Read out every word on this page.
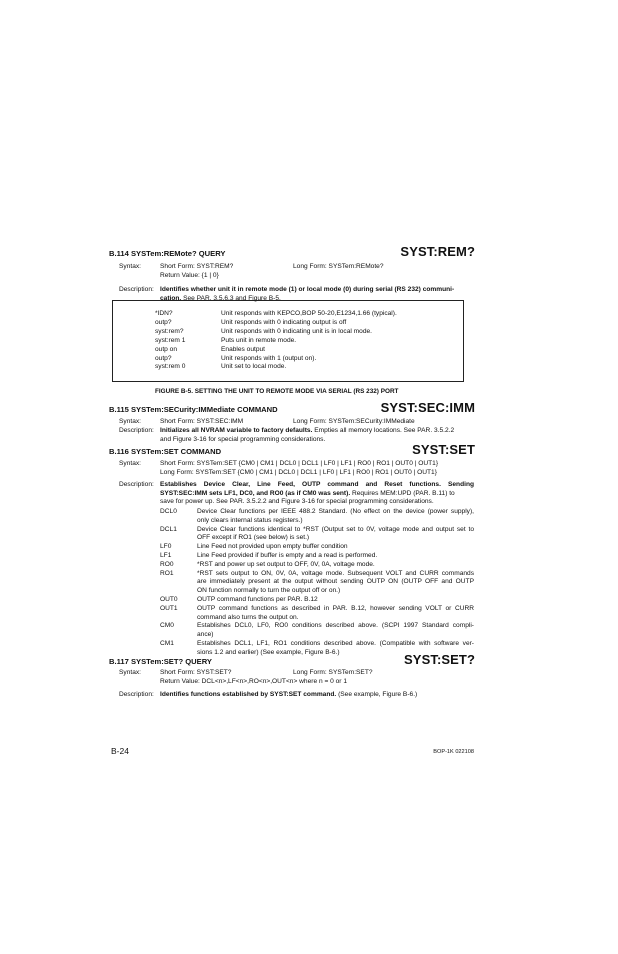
B.114 SYSTem:REMote? QUERY	SYST:REM?
Syntax:	Short Form: SYST:REM?	Long Form: SYSTem:REMote?
Return Value: {1 | 0}
Description: Identifies whether unit it in remote mode (1) or local mode (0) during serial (RS 232) communi-
cation. See PAR. 3.5.6.3 and Figure B-5.
*IDN?	Unit responds with KEPCO,BOP 50-20,E1234,1.66 (typical).
outp?	Unit responds with 0 indicating output is off
syst:rem?	Unit responds with 0 indicating unit is in local mode.
syst:rem 1	Puts unit in remote mode.
outp on	Enables output
outp?	Unit responds with 1 (output on).
syst:rem 0	Unit set to local mode.
FIGURE B-5. SETTING THE UNIT TO REMOTE MODE VIA SERIAL (RS 232) PORT
B.115 SYSTem:SECurity:IMMediate COMMAND	SYST:SEC:IMM
Syntax:	Short Form: SYST:SEC:IMM	Long Form: SYSTem:SECurity:IMMediate
Description: Initializes all NVRAM variable to factory defaults. Empties all memory locations. See PAR. 3.5.2.2
and Figure 3-16 for special programming considerations.
B.116 SYSTem:SET COMMAND	SYST:SET
Syntax:	Short Form: SYSTem:SET {CM0 | CM1 | DCL0 | DCL1 | LF0 | LF1 | RO0 | RO1 | OUT0 | OUT1}
Long Form: SYSTem:SET {CM0 | CM1 | DCL0 | DCL1 | LF0 | LF1 | RO0 | RO1 | OUT0 | OUT1}
Description: Establishes Device Clear, Line Feed, OUTP command and Reset functions. Sending
SYST:SEC:IMM sets LF1, DC0, and RO0 (as if CM0 was sent). Requires MEM:UPD (PAR. B.11) to
save for power up. See PAR. 3.5.2.2 and Figure 3-16 for special programming considerations.
DCL0	Device Clear functions per IEEE 488.2 Standard. (No effect on the device (power supply),
only clears internal status registers.)
DCL1	Device Clear functions identical to *RST (Output set to 0V, voltage mode and output set to
OFF except if RO1 (see below) is set.)
LF0	Line Feed not provided upon empty buffer condition
LF1	Line Feed provided if buffer is empty and a read is performed.
RO0	*RST and power up set output to OFF, 0V, 0A, voltage mode.
RO1	*RST sets output to ON, 0V, 0A, voltage mode. Subsequent VOLT and CURR commands
are immediately present at the output without sending OUTP ON (OUTP OFF and OUTP
ON function normally to turn the output off or on.)
OUT0	OUTP command functions per PAR. B.12
OUT1	OUTP command functions as described in PAR. B.12, however sending VOLT or CURR
command also turns the output on.
CM0	Establishes DCL0, LF0, RO0 conditions described above. (SCPI 1997 Standard compli-
ance)
CM1	Establishes DCL1, LF1, RO1 conditions described above. (Compatible with software ver-
sions 1.2 and earlier) (See example, Figure B-6.)
B.117 SYSTem:SET? QUERY	SYST:SET?
Syntax:	Short Form: SYST:SET?	Long Form: SYSTem:SET?
Return Value: DCL<n>,LF<n>,RO<n>,OUT<n> where n = 0 or 1
Description: Identifies functions established by SYST:SET command. (See example, Figure B-6.)
B-24	BOP-1K 022108
